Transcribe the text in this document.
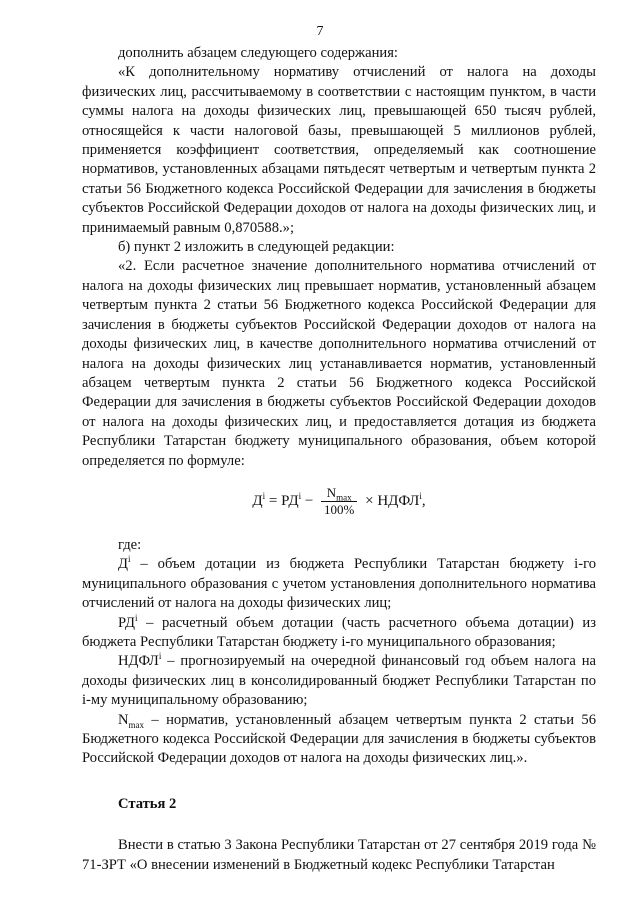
7

дополнить абзацем следующего содержания:

«К дополнительному нормативу отчислений от налога на доходы физических лиц, рассчитываемому в соответствии с настоящим пунктом, в части суммы налога на доходы физических лиц, превышающей 650 тысяч рублей, относящейся к части налоговой базы, превышающей 5 миллионов рублей, применяется коэффициент соответствия, определяемый как соотношение нормативов, установленных абзацами пятьдесят четвертым и четвертым пункта 2 статьи 56 Бюджетного кодекса Российской Федерации для зачисления в бюджеты субъектов Российской Федерации доходов от налога на доходы физических лиц, и принимаемый равным 0,870588.»;

б) пункт 2 изложить в следующей редакции:

«2. Если расчетное значение дополнительного норматива отчислений от налога на доходы физических лиц превышает норматив, установленный абзацем четвертым пункта 2 статьи 56 Бюджетного кодекса Российской Федерации для зачисления в бюджеты субъектов Российской Федерации доходов от налога на доходы физических лиц, в качестве дополнительного норматива отчислений от налога на доходы физических лиц устанавливается норматив, установленный абзацем четвертым пункта 2 статьи 56 Бюджетного кодекса Российской Федерации для зачисления в бюджеты субъектов Российской Федерации доходов от налога на доходы физических лиц, и предоставляется дотация из бюджета Республики Татарстан бюджету муниципального образования, объем которой определяется по формуле:

$Д^i = РД^i - \frac{N_{max}}{100\%}$ × $НДФЛ^i$,

где:

$Д^i$ – объем дотации из бюджета Республики Татарстан бюджету i-го муниципального образования с учетом установления дополнительного норматива отчислений от налога на доходы физических лиц;

$РД^i$ – расчетный объем дотации (часть расчетного объема дотации) из бюджета Республики Татарстан бюджету i-го муниципального образования;

НДФЛ$^i$ – прогнозируемый на очередной финансовый год объем налога на доходы физических лиц в консолидированный бюджет Республики Татарстан по i-му муниципальному образованию;

$N_{max}$ – норматив, установленный абзацем четвертым пункта 2 статьи 56 Бюджетного кодекса Российской Федерации для зачисления в бюджеты субъектов Российской Федерации доходов от налога на доходы физических лиц.».

Статья 2

Внести в статью 3 Закона Республики Татарстан от 27 сентября 2019 года № 71-ЗРТ «О внесении изменений в Бюджетный кодекс Республики Татарстан
